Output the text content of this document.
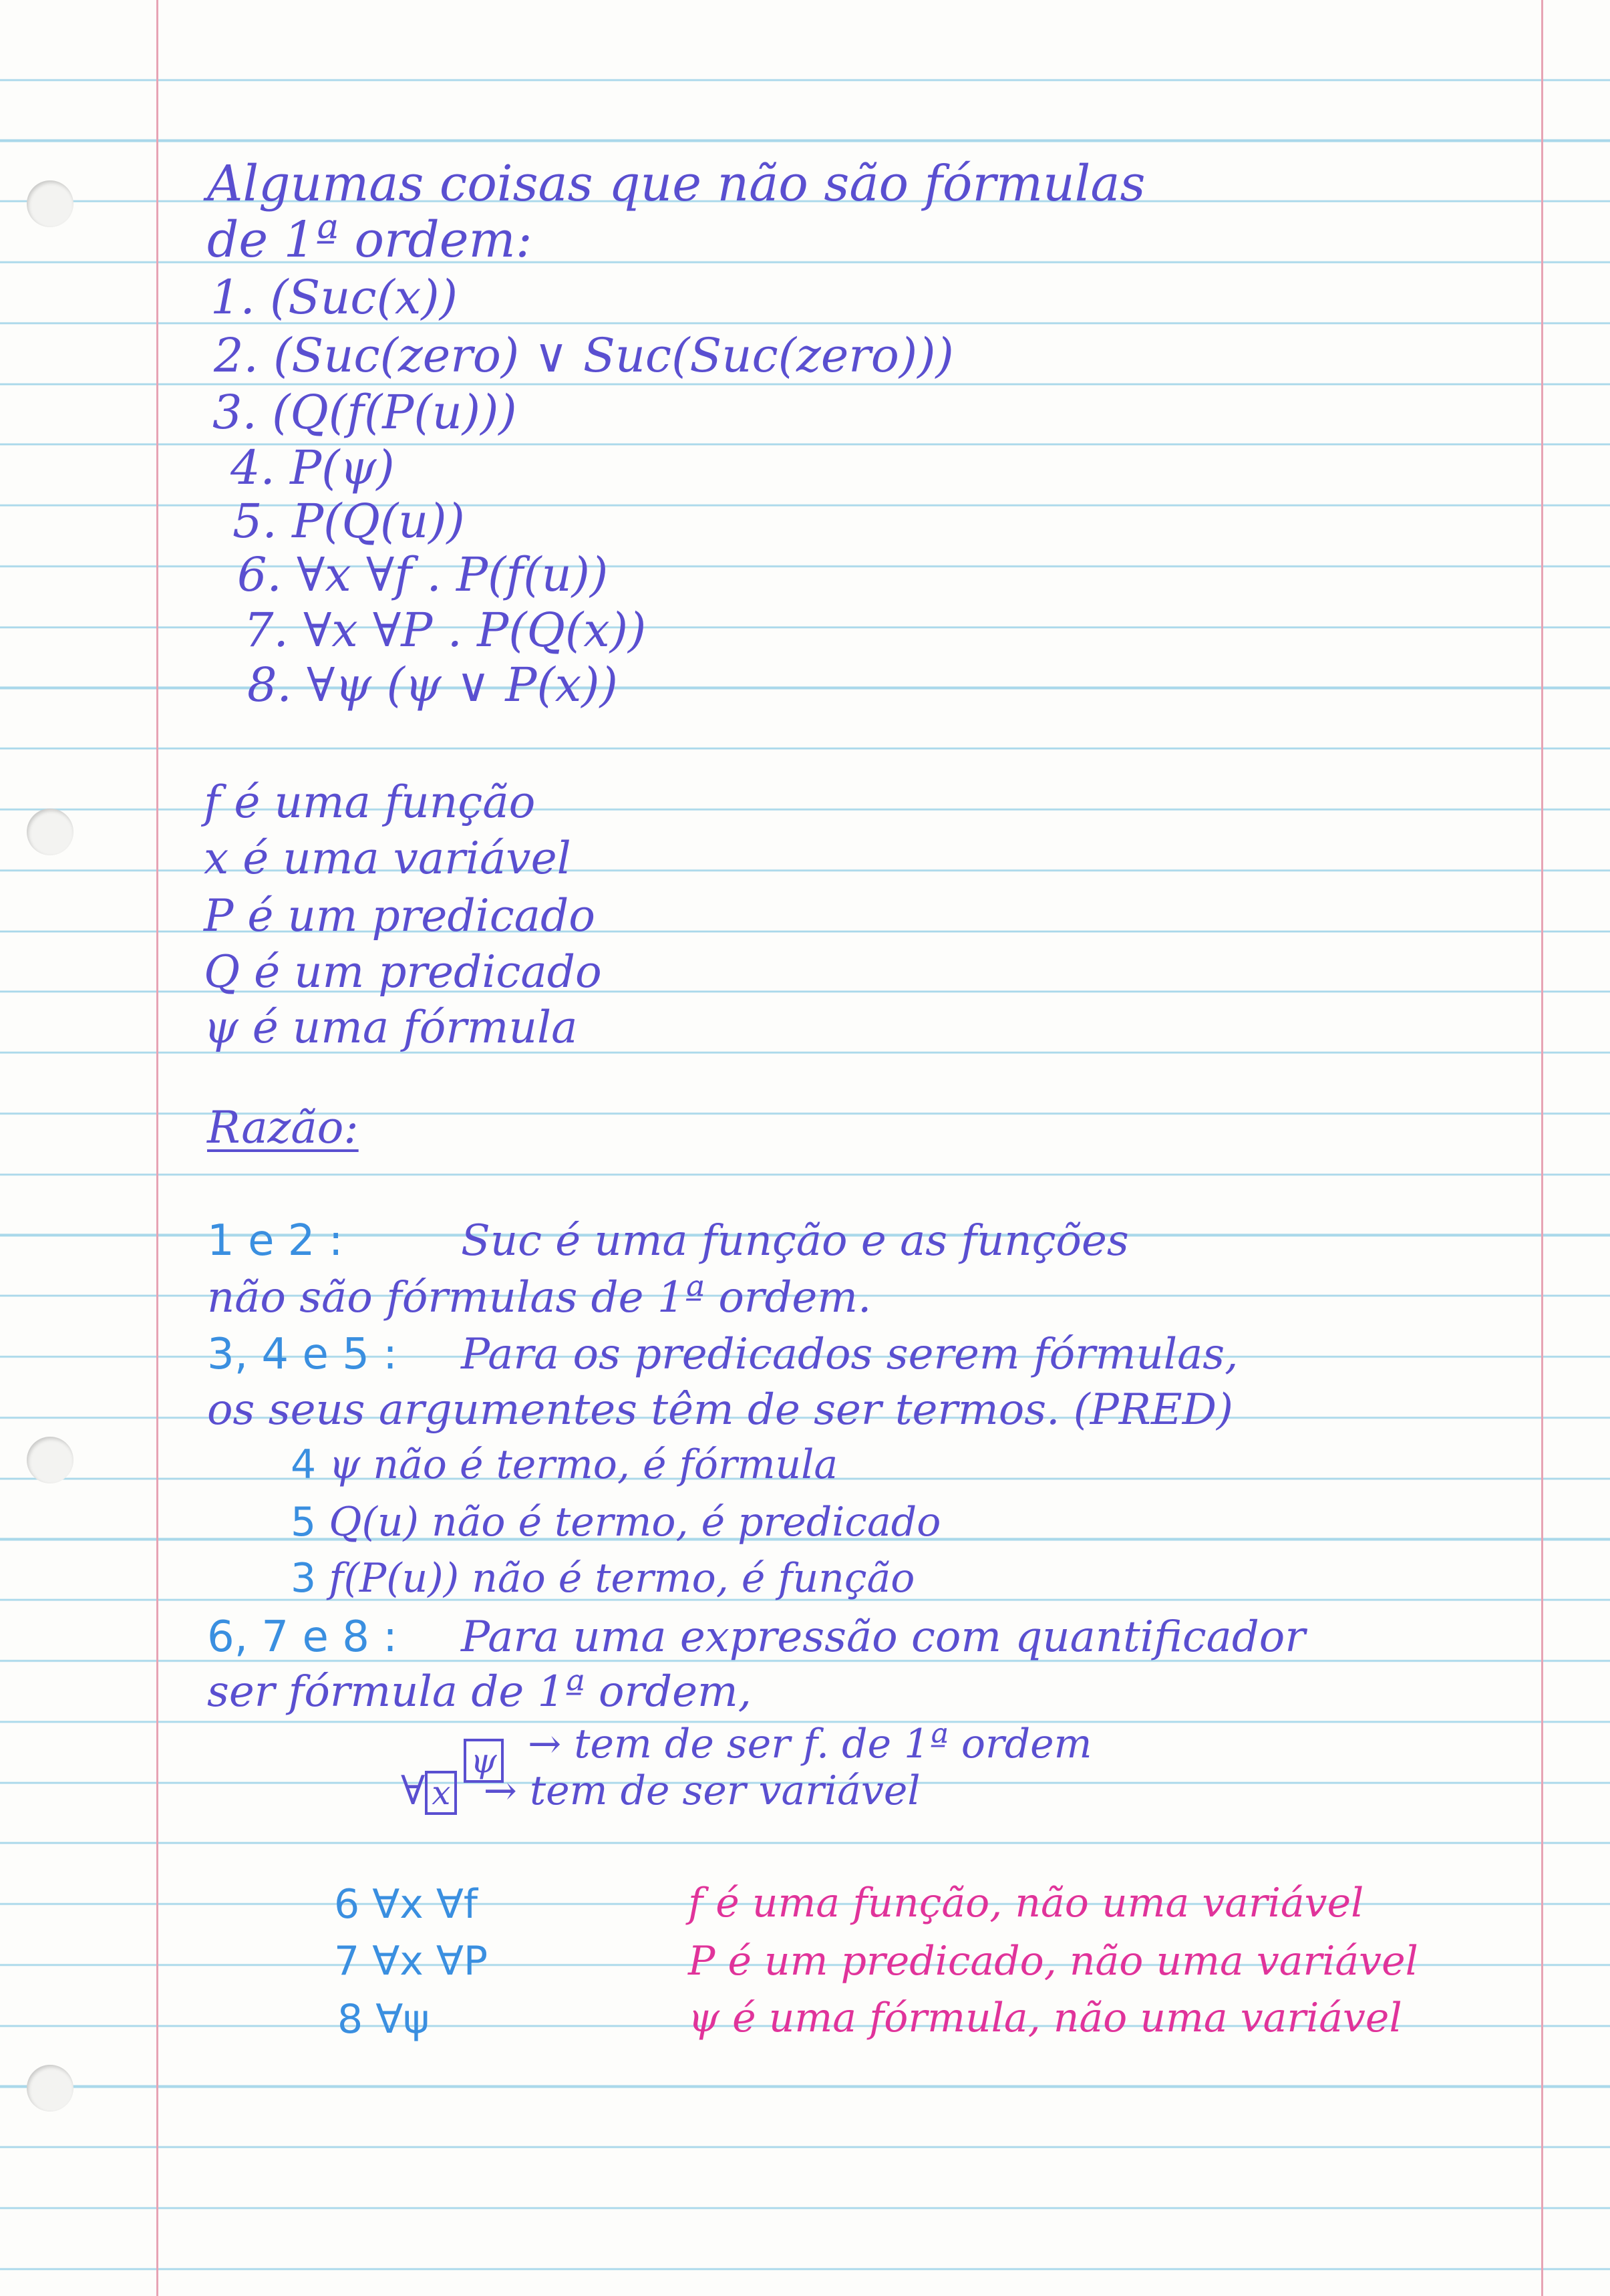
Algumas coisas que não são fórmulas
de 1ª ordem:
1. (Suc(x))
2. (Suc(zero) ∨ Suc(Suc(zero)))
3. (Q(f(P(u)))
4. P(ψ)
5. P(Q(u))
6. ∀x ∀f . P(f(u))
7. ∀x ∀P . P(Q(x))
8. ∀ψ (ψ ∨ P(x))
f é uma função
x é uma variável
P é um predicado
Q é um predicado
ψ é uma fórmula
Razão:
1 e 2 :	Suc é uma função e as funções
não são fórmulas de 1ª ordem.
3, 4 e 5 : Para os predicados serem fórmulas,
os seus argumentes têm de ser termos. (PRED)
4 ψ não é termo, é fórmula
5 Q(u) não é termo, é predicado
3 f(P(u)) não é termo, é função
6, 7 e 8 : Para uma expressão com quantificador
ser fórmula de 1ª ordem,
→ tem de ser f. de 1ª ordem
∀ $x^\psi\to$ tem de ser variável
6 ∀x ∀f	f é uma função, não uma variável
7 ∀x ∀P	P é um predicado, não uma variável
8 ∀ψ	ψ é uma fórmula, não uma variável
